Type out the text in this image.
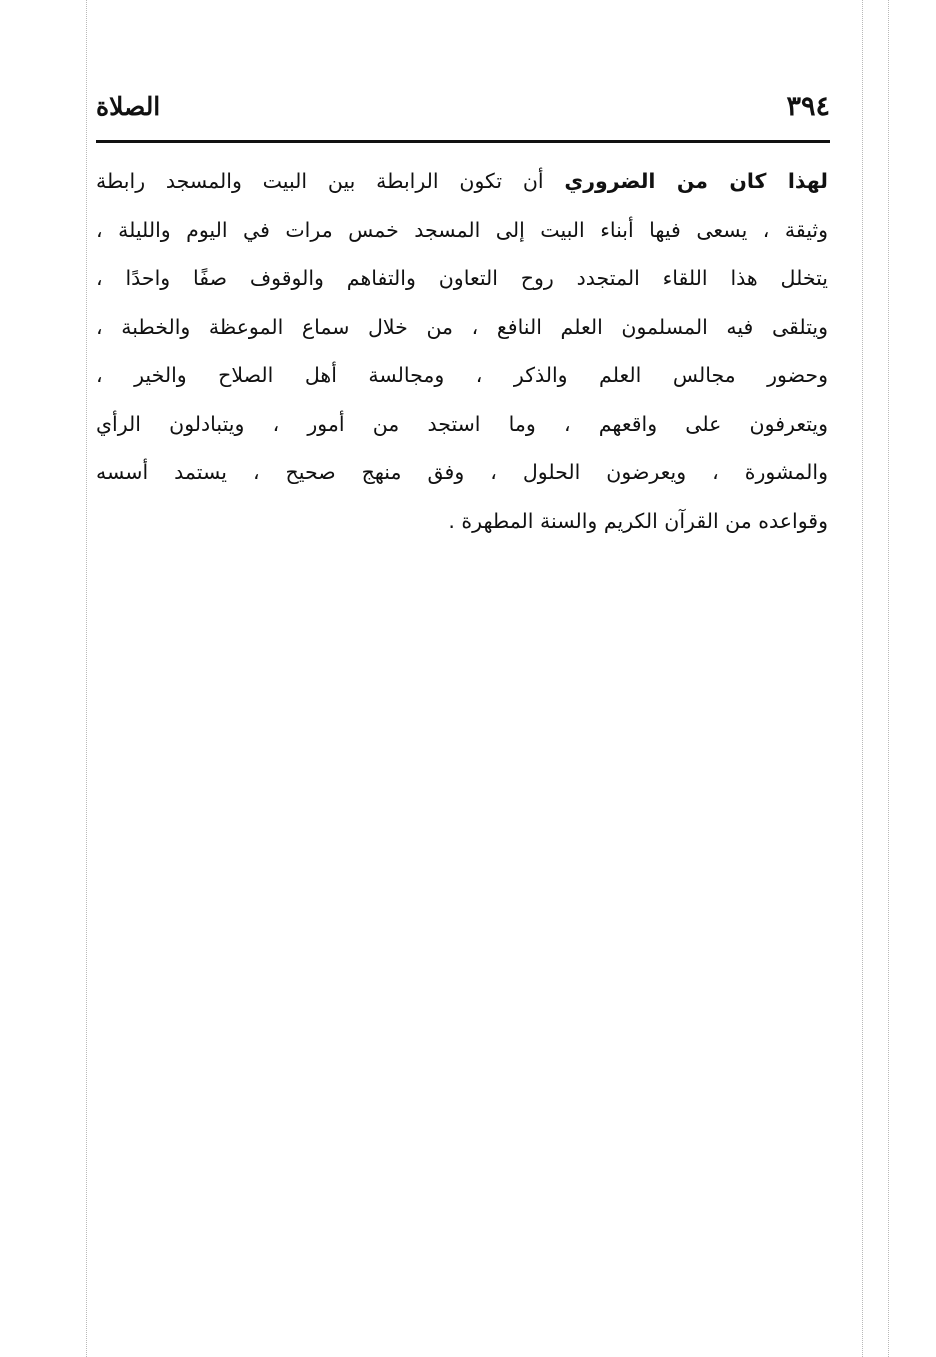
الصلاة	٣٩٤
لهذا كان من الضروري أن تكون الرابطة بين البيت والمسجد رابطة
وثيقة ، يسعى فيها أبناء البيت إلى المسجد خمس مرات في اليوم والليلة ،
يتخلل هذا اللقاء المتجدد روح التعاون والتفاهم والوقوف صفًا واحدًا ،
ويتلقى فيه المسلمون العلم النافع ، من خلال سماع الموعظة والخطبة ،
وحضور مجالس العلم والذكر ، ومجالسة أهل الصلاح والخير ،
ويتعرفون على واقعهم ، وما استجد من أمور ، ويتبادلون الرأي
والمشورة ، ويعرضون الحلول ، وفق منهج صحيح ، يستمد أسسه
وقواعده من القرآن الكريم والسنة المطهرة .
